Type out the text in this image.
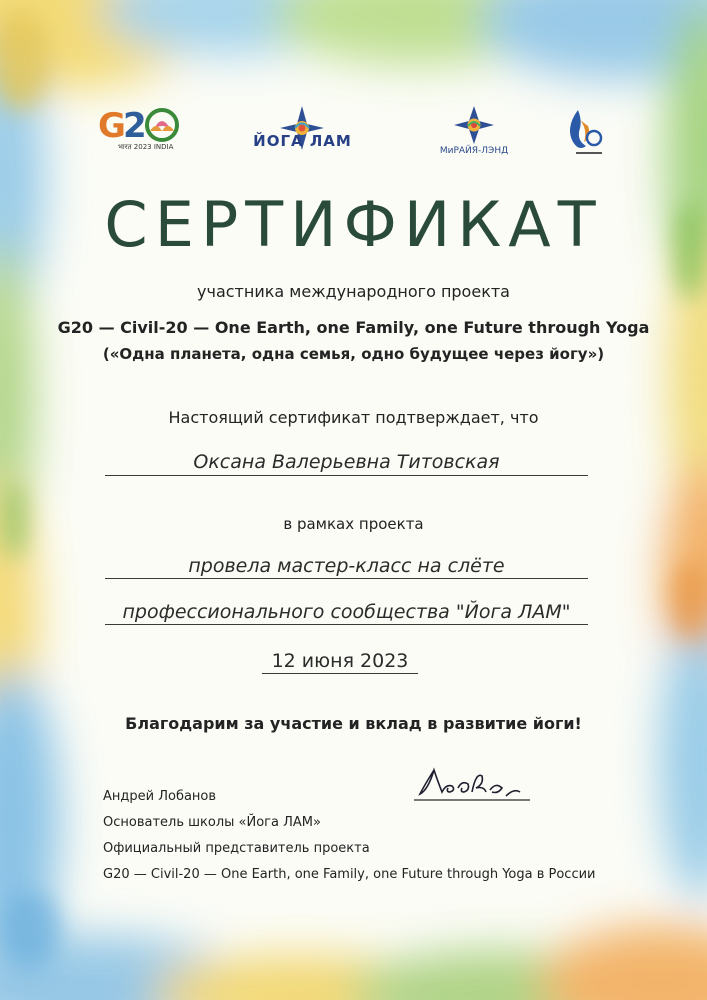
G
2
भारत 2023 INDIA	ЙОГА ЛАМ
МиРАЙЯ-ЛЭНД
СЕРТИФИКАТ
участника международного проекта
G20 — Civil-20 — One Earth, one Family, one Future through Yoga
(«Одна планета, одна семья, одно будущее через йогу»)
Настоящий сертификат подтверждает, что
Оксана Валерьевна Титовская
в рамках проекта
провела мастер-класс на слёте
профессионального сообщества "Йога ЛАМ"
12 июня 2023
Благодарим за участие и вклад в развитие йоги!
Андрей Лобанов
Основатель школы «Йога ЛАМ»
Официальный представитель проекта
G20 — Civil-20 — One Earth, one Family, one Future through Yoga в России
